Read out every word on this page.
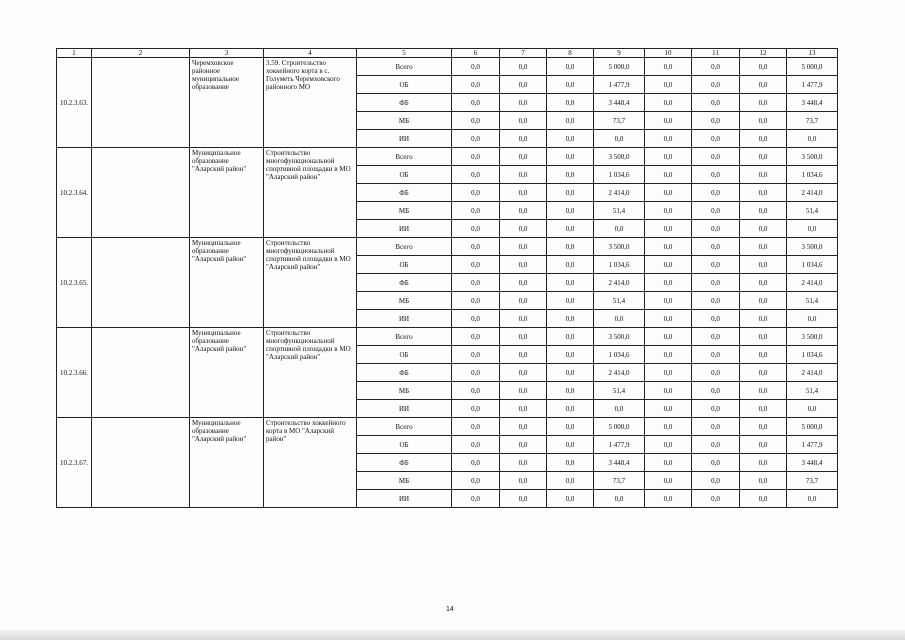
1	2	3	4	5	6	7	8	9	10	11	12	13
10.2.3.63.		Черемховское районное муниципальное образование	3.59. Строительство хоккейного корта в с. Голуметь Черемховского районного МО	Всего	0,0	0,0	0,0	5 000,0	0,0	0,0	0,0	5 000,0
				ОБ	0,0	0,0	0,0	1 477,9	0,0	0,0	0,0	1 477,9
				ФБ	0,0	0,0	0,0	3 448,4	0,0	0,0	0,0	3 448,4
				МБ	0,0	0,0	0,0	73,7	0,0	0,0	0,0	73,7
				ИИ	0,0	0,0	0,0	0,0	0,0	0,0	0,0	0,0
10.2.3.64.		Муниципальное образование "Аларский район"	Строительство многофункциональной спортивной площадки в МО "Аларский район"	Всего	0,0	0,0	0,0	3 500,0	0,0	0,0	0,0	3 500,0
				ОБ	0,0	0,0	0,0	1 034,6	0,0	0,0	0,0	1 034,6
				ФБ	0,0	0,0	0,0	2 414,0	0,0	0,0	0,0	2 414,0
				МБ	0,0	0,0	0,0	51,4	0,0	0,0	0,0	51,4
				ИИ	0,0	0,0	0,0	0,0	0,0	0,0	0,0	0,0
10.2.3.65.		Муниципальное образование "Аларский район"	Строительство многофункциональной спортивной площадки в МО "Аларский район"	Всего	0,0	0,0	0,0	3 500,0	0,0	0,0	0,0	3 500,0
				ОБ	0,0	0,0	0,0	1 034,6	0,0	0,0	0,0	1 034,6
				ФБ	0,0	0,0	0,0	2 414,0	0,0	0,0	0,0	2 414,0
				МБ	0,0	0,0	0,0	51,4	0,0	0,0	0,0	51,4
				ИИ	0,0	0,0	0,0	0,0	0,0	0,0	0,0	0,0
10.2.3.66.		Муниципальное образование "Аларский район"	Строительство многофункциональной спортивной площадки в МО "Аларский район"	Всего	0,0	0,0	0,0	3 500,0	0,0	0,0	0,0	3 500,0
				ОБ	0,0	0,0	0,0	1 034,6	0,0	0,0	0,0	1 034,6
				ФБ	0,0	0,0	0,0	2 414,0	0,0	0,0	0,0	2 414,0
				МБ	0,0	0,0	0,0	51,4	0,0	0,0	0,0	51,4
				ИИ	0,0	0,0	0,0	0,0	0,0	0,0	0,0	0,0
10.2.3.67.		Муниципальное образование "Аларский район"	Строительство хоккейного корта в МО "Аларский район"	Всего	0,0	0,0	0,0	5 000,0	0,0	0,0	0,0	5 000,0
				ОБ	0,0	0,0	0,0	1 477,9	0,0	0,0	0,0	1 477,9
				ФБ	0,0	0,0	0,0	3 448,4	0,0	0,0	0,0	3 448,4
				МБ	0,0	0,0	0,0	73,7	0,0	0,0	0,0	73,7
				ИИ	0,0	0,0	0,0	0,0	0,0	0,0	0,0	0,0
14
